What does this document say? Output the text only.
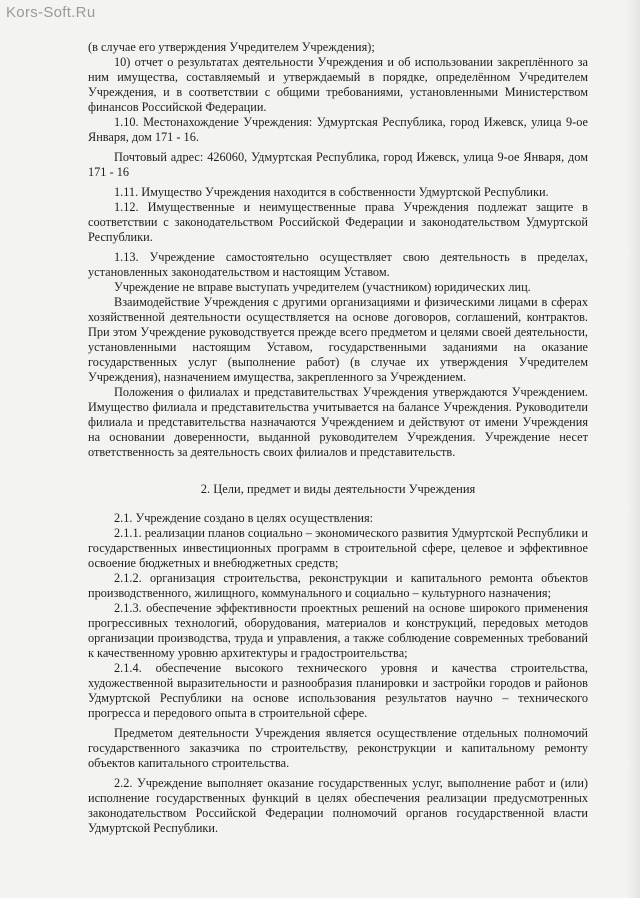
Kors-Soft.Ru

(в случае его утверждения Учредителем Учреждения);

10) отчет о результатах деятельности Учреждения и об использовании закреплённого за ним имущества, составляемый и утверждаемый в порядке, определённом Учредителем Учреждения, и в соответствии с общими требованиями, установленными Министерством финансов Российской Федерации.

1.10. Местонахождение Учреждения: Удмуртская Республика, город Ижевск, улица 9-ое Января, дом 171 - 16.

Почтовый адрес: 426060, Удмуртская Республика, город Ижевск, улица 9-ое Января, дом 171 - 16

1.11. Имущество Учреждения находится в собственности Удмуртской Республики.

1.12. Имущественные и неимущественные права Учреждения подлежат защите в соответствии с законодательством Российской Федерации и законодательством Удмуртской Республики.

1.13. Учреждение самостоятельно осуществляет свою деятельность в пределах, установленных законодательством и настоящим Уставом.

Учреждение не вправе выступать учредителем (участником) юридических лиц.

Взаимодействие Учреждения с другими организациями и физическими лицами в сферах хозяйственной деятельности осуществляется на основе договоров, соглашений, контрактов. При этом Учреждение руководствуется прежде всего предметом и целями своей деятельности, установленными настоящим Уставом, государственными заданиями на оказание государственных услуг (выполнение работ) (в случае их утверждения Учредителем Учреждения), назначением имущества, закрепленного за Учреждением.

Положения о филиалах и представительствах Учреждения утверждаются Учреждением. Имущество филиала и представительства учитывается на балансе Учреждения. Руководители филиала и представительства назначаются Учреждением и действуют от имени Учреждения на основании доверенности, выданной руководителем Учреждения. Учреждение несет ответственность за деятельность своих филиалов и представительств.

2. Цели, предмет и виды деятельности Учреждения

2.1. Учреждение создано в целях осуществления:

2.1.1. реализации планов социально – экономического развития Удмуртской Республики и государственных инвестиционных программ в строительной сфере, целевое и эффективное освоение бюджетных и внебюджетных средств;

2.1.2. организация строительства, реконструкции и капитального ремонта объектов производственного, жилищного, коммунального и социально – культурного назначения;

2.1.3. обеспечение эффективности проектных решений на основе широкого применения прогрессивных технологий, оборудования, материалов и конструкций, передовых методов организации производства, труда и управления, а также соблюдение современных требований к качественному уровню архитектуры и градостроительства;

2.1.4. обеспечение высокого технического уровня и качества строительства, художественной выразительности и разнообразия планировки и застройки городов и районов Удмуртской Республики на основе использования результатов научно – технического прогресса и передового опыта в строительной сфере.

Предметом деятельности Учреждения является осуществление отдельных полномочий государственного заказчика по строительству, реконструкции и капитальному ремонту объектов капитального строительства.

2.2. Учреждение выполняет оказание государственных услуг, выполнение работ и (или) исполнение государственных функций в целях обеспечения реализации предусмотренных законодательством Российской Федерации полномочий органов государственной власти Удмуртской Республики.
